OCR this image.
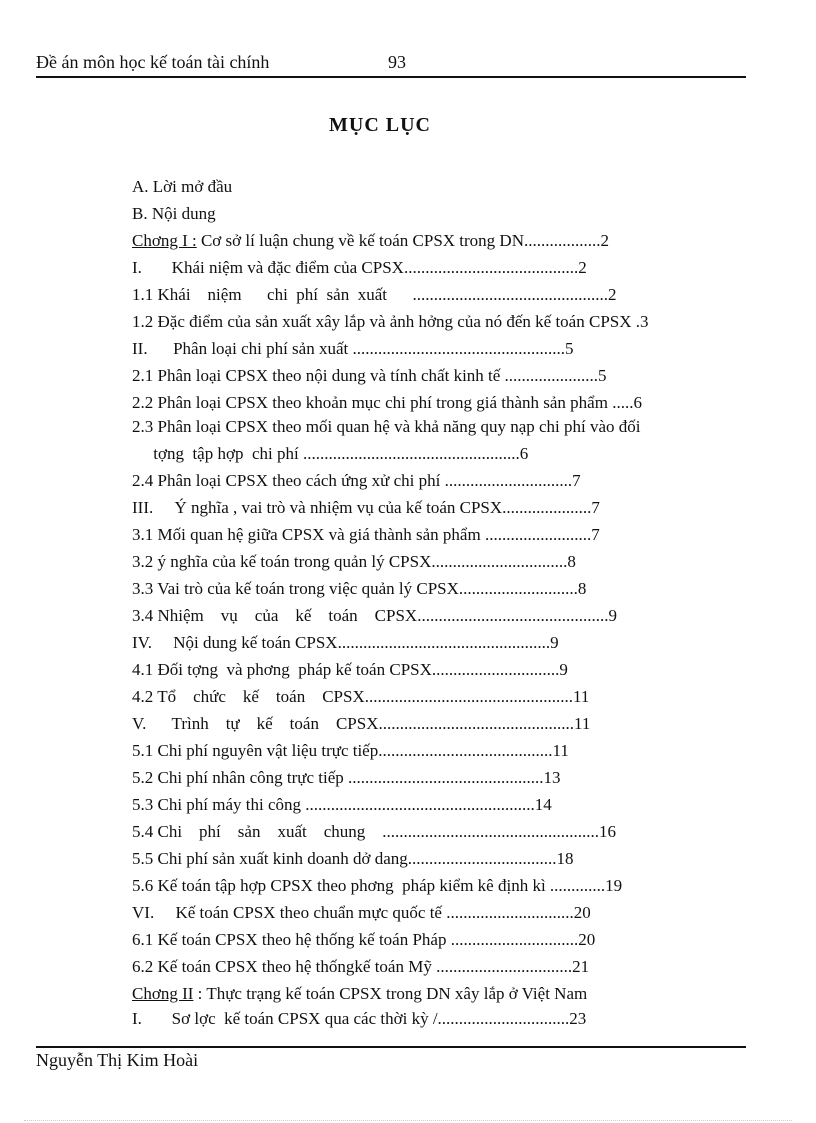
Đề án môn học kế toán tài chính	93
MỤC LỤC
A. Lời mở đầu
B. Nội dung
Chơng I : Cơ sở lí luận chung về kế toán CPSX trong DN..................2
I.       Khái niệm và đặc điểm của CPSX.........................................2
1.1 Khái    niệm      chi  phí  sản  xuất      ..............................................2
1.2 Đặc điểm của sản xuất xây lắp và ảnh hởng của nó đến kế toán CPSX .3
II.      Phân loại chi phí sản xuất ..................................................5
2.1 Phân loại CPSX theo nội dung và tính chất kinh tế ......................5
2.2 Phân loại CPSX theo khoản mục chi phí trong giá thành sản phẩm .....6
2.3 Phân loại CPSX theo mối quan hệ và khả năng quy nạp chi phí vào đối
tợng  tập hợp  chi phí ...................................................6
2.4 Phân loại CPSX theo cách ứng xử chi phí ..............................7
III.     Ý nghĩa , vai trò và nhiệm vụ của kế toán CPSX.....................7
3.1 Mối quan hệ giữa CPSX và giá thành sản phẩm .........................7
3.2 ý nghĩa của kế toán trong quản lý CPSX................................8
3.3 Vai trò của kế toán trong việc quản lý CPSX............................8
3.4 Nhiệm    vụ    của    kế    toán    CPSX.............................................9
IV.     Nội dung kế toán CPSX..................................................9
4.1 Đối tợng  và phơng  pháp kế toán CPSX..............................9
4.2 Tổ    chức    kế    toán    CPSX.................................................11
V.      Trình    tự    kế    toán    CPSX..............................................11
5.1 Chi phí nguyên vật liệu trực tiếp.........................................11
5.2 Chi phí nhân công trực tiếp ..............................................13
5.3 Chi phí máy thi công ......................................................14
5.4 Chi    phí    sản    xuất    chung    ...................................................16
5.5 Chi phí sản xuất kinh doanh dở dang...................................18
5.6 Kế toán tập hợp CPSX theo phơng  pháp kiểm kê định kì .............19
VI.     Kế toán CPSX theo chuẩn mực quốc tế ..............................20
6.1 Kế toán CPSX theo hệ thống kế toán Pháp ..............................20
6.2 Kế toán CPSX theo hệ thốngkế toán Mỹ ................................21
Chơng II : Thực trạng kế toán CPSX trong DN xây lắp ở Việt Nam
I.       Sơ lợc  kế toán CPSX qua các thời kỳ /...............................23
Nguyễn Thị Kim Hoài
